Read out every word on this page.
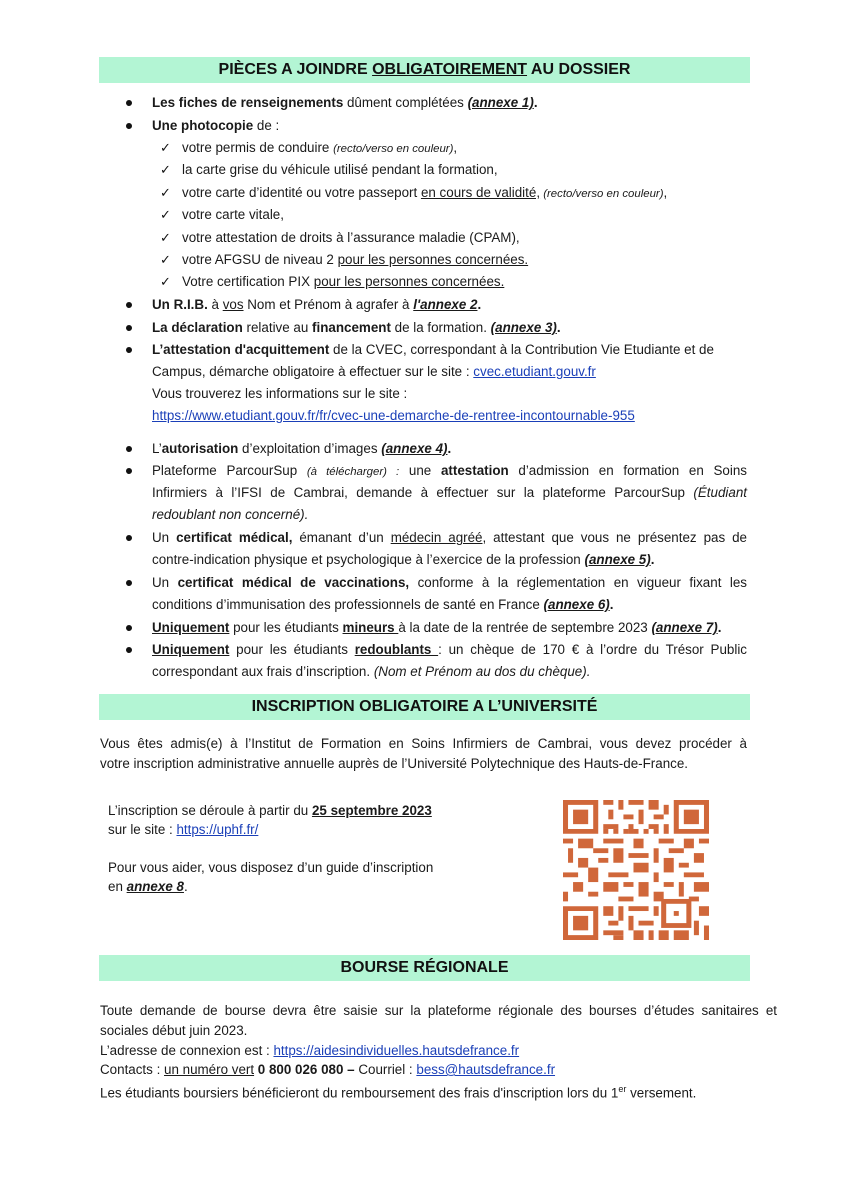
PIÈCES A JOINDRE OBLIGATOIREMENT AU DOSSIER
Les fiches de renseignements dûment complétées (annexe 1).
Une photocopie de :
✓ votre permis de conduire (recto/verso en couleur),
✓ la carte grise du véhicule utilisé pendant la formation,
✓ votre carte d’identité ou votre passeport en cours de validité, (recto/verso en couleur),
✓ votre carte vitale,
✓ votre attestation de droits à l’assurance maladie (CPAM),
✓ votre AFGSU de niveau 2 pour les personnes concernées.
✓ Votre certification PIX pour les personnes concernées.
Un R.I.B. à vos Nom et Prénom à agrafer à l'annexe 2.
La déclaration relative au financement de la formation. (annexe 3).
L’attestation d'acquittement de la CVEC, correspondant à la Contribution Vie Etudiante et de
Campus, démarche obligatoire à effectuer sur le site : cvec.etudiant.gouv.fr
Vous trouverez les informations sur le site :
https://www.etudiant.gouv.fr/fr/cvec-une-demarche-de-rentree-incontournable-955
L’autorisation d’exploitation d’images (annexe 4).
Plateforme ParcourSup (à télécharger) : une attestation d’admission en formation en Soins
Infirmiers à l’IFSI de Cambrai, demande à effectuer sur la plateforme ParcourSup (Étudiant
redoublant non concerné).
Un certificat médical, émanant d’un médecin agréé, attestant que vous ne présentez pas de
contre-indication physique et psychologique à l’exercice de la profession (annexe 5).
Un certificat médical de vaccinations, conforme à la réglementation en vigueur fixant les
conditions d’immunisation des professionnels de santé en France (annexe 6).
Uniquement pour les étudiants mineurs à la date de la rentrée de septembre 2023 (annexe 7).
Uniquement pour les étudiants redoublants : un chèque de 170 € à l’ordre du Trésor Public
correspondant aux frais d’inscription. (Nom et Prénom au dos du chèque).
INSCRIPTION OBLIGATOIRE A L’UNIVERSITÉ
Vous êtes admis(e) à l’Institut de Formation en Soins Infirmiers de Cambrai, vous devez procéder à
votre inscription administrative annuelle auprès de l’Université Polytechnique des Hauts-de-France.
L’inscription se déroule à partir du 25 septembre 2023
sur le site : https://uphf.fr/
Pour vous aider, vous disposez d’un guide d’inscription
en annexe 8.
BOURSE RÉGIONALE
Toute demande de bourse devra être saisie sur la plateforme régionale des bourses d’études sanitaires et
sociales début juin 2023.
L’adresse de connexion est : https://aidesindividuelles.hautsdefrance.fr
Contacts : un numéro vert 0 800 026 080 – Courriel : bess@hautsdefrance.fr
Les étudiants boursiers bénéficieront du remboursement des frais d'inscription lors du 1er versement.
